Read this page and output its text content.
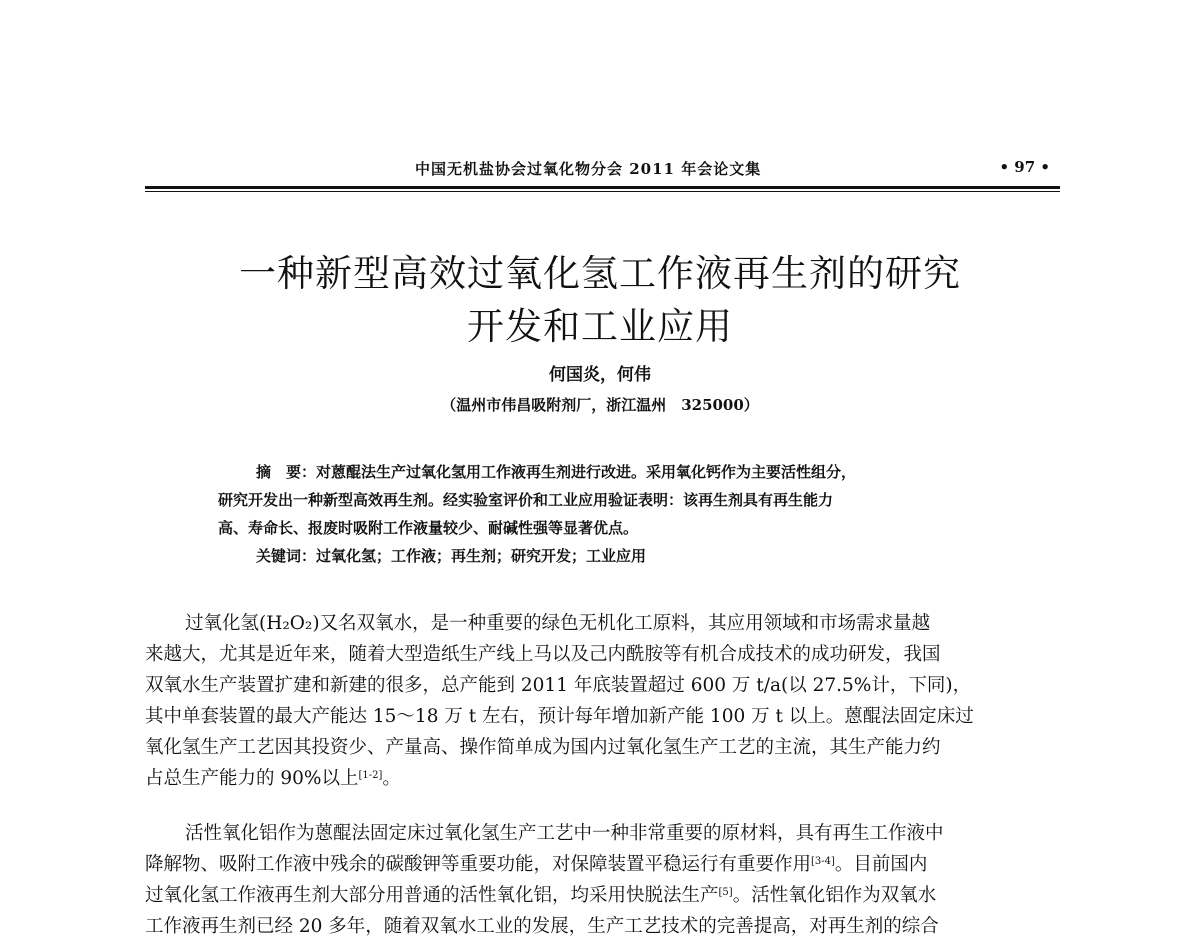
中国无机盐协会过氧化物分会 2011 年会论文集	• 97 •
一种新型高效过氧化氢工作液再生剂的研究
开发和工业应用
何国炎，何伟
（温州市伟昌吸附剂厂，浙江温州　325000）
摘　要：对蒽醌法生产过氧化氢用工作液再生剂进行改进。采用氧化钙作为主要活性组分，
研究开发出一种新型高效再生剂。经实验室评价和工业应用验证表明：该再生剂具有再生能力
高、寿命长、报废时吸附工作液量较少、耐碱性强等显著优点。
关键词：过氧化氢；工作液；再生剂；研究开发；工业应用
过氧化氢(H₂O₂)又名双氧水，是一种重要的绿色无机化工原料，其应用领域和市场需求量越
来越大，尤其是近年来，随着大型造纸生产线上马以及己内酰胺等有机合成技术的成功研发，我国
双氧水生产装置扩建和新建的很多，总产能到 2011 年底装置超过 600 万 t/a(以 27.5%计，下同)，
其中单套装置的最大产能达 15～18 万 t 左右，预计每年增加新产能 100 万 t 以上。蒽醌法固定床过
氧化氢生产工艺因其投资少、产量高、操作简单成为国内过氧化氢生产工艺的主流，其生产能力约
占总生产能力的 90%以上[1-2]。
活性氧化铝作为蒽醌法固定床过氧化氢生产工艺中一种非常重要的原材料，具有再生工作液中
降解物、吸附工作液中残余的碳酸钾等重要功能，对保障装置平稳运行有重要作用[3-4]。目前国内
过氧化氢工作液再生剂大部分用普通的活性氧化铝，均采用快脱法生产[5]。活性氧化铝作为双氧水
工作液再生剂已经 20 多年，随着双氧水工业的发展，生产工艺技术的完善提高，对再生剂的综合
